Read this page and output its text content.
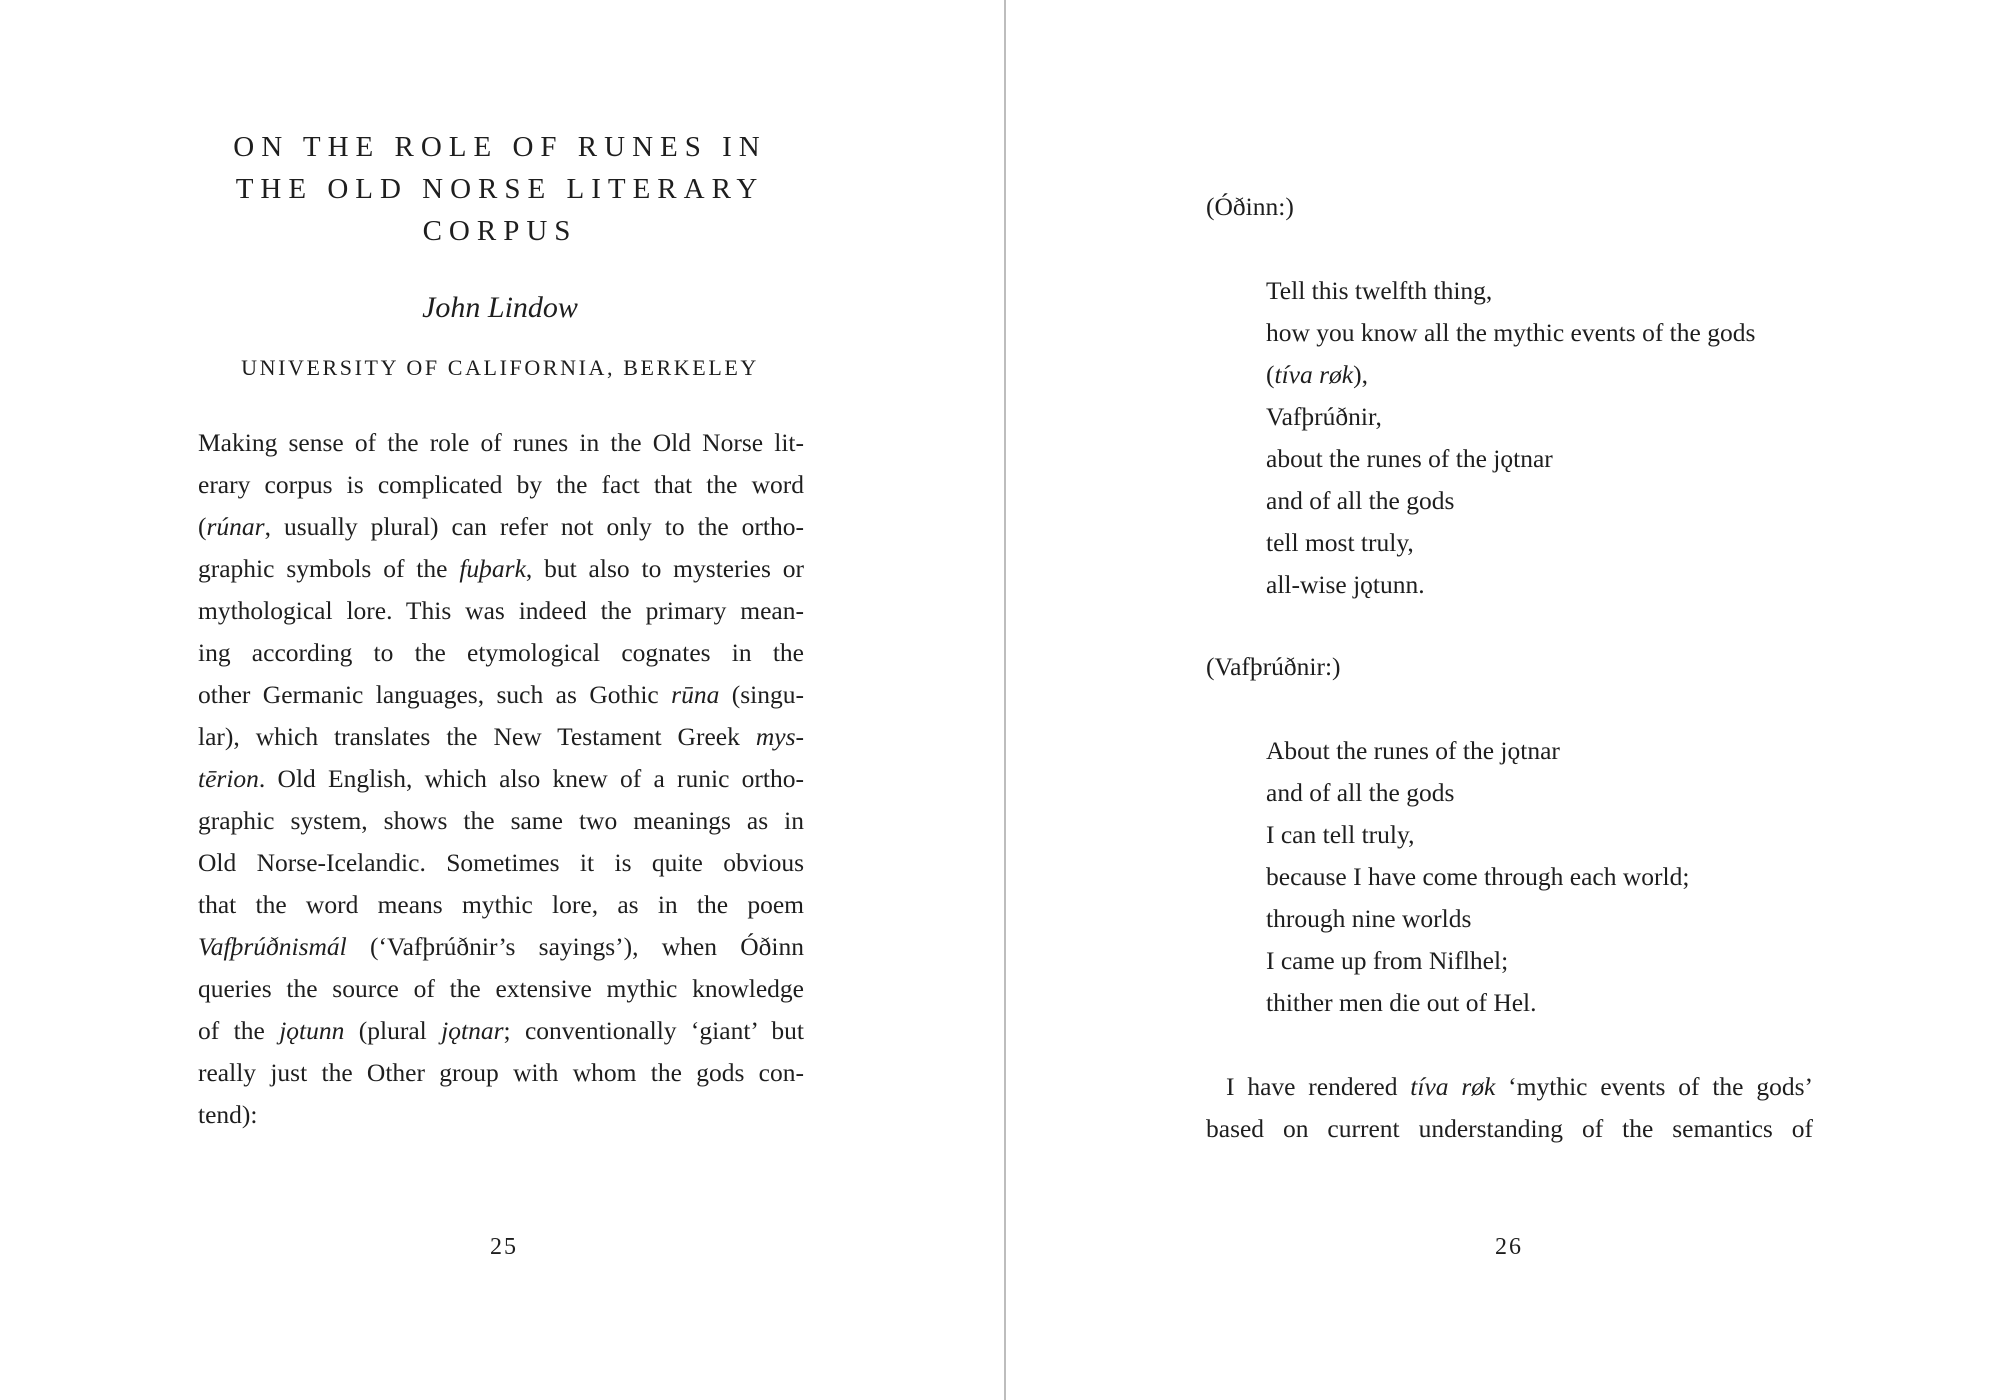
ON THE ROLE OF RUNES IN
THE OLD NORSE LITERARY
CORPUS
John Lindow
UNIVERSITY OF CALIFORNIA, BERKELEY
Making sense of the role of runes in the Old Norse lit-
erary corpus is complicated by the fact that the word
(rúnar, usually plural) can refer not only to the ortho-
graphic symbols of the fuþark, but also to mysteries or
mythological lore. This was indeed the primary mean-
ing according to the etymological cognates in the
other Germanic languages, such as Gothic rūna (singu-
lar), which translates the New Testament Greek mys-
tērion. Old English, which also knew of a runic ortho-
graphic system, shows the same two meanings as in
Old Norse-Icelandic. Sometimes it is quite obvious
that the word means mythic lore, as in the poem
Vafþrúðnismál (‘Vafþrúðnir’s sayings’), when Óðinn
queries the source of the extensive mythic knowledge
of the jǫtunn (plural jǫtnar; conventionally ‘giant’ but
really just the Other group with whom the gods con-
tend):
25
(Óðinn:)
Tell this twelfth thing,
how you know all the mythic events of the gods
(tíva røk),
Vafþrúðnir,
about the runes of the jǫtnar
and of all the gods
tell most truly,
all-wise jǫtunn.
(Vafþrúðnir:)
About the runes of the jǫtnar
and of all the gods
I can tell truly,
because I have come through each world;
through nine worlds
I came up from Niflhel;
thither men die out of Hel.
I have rendered tíva røk ‘mythic events of the gods’
based on current understanding of the semantics of
26
